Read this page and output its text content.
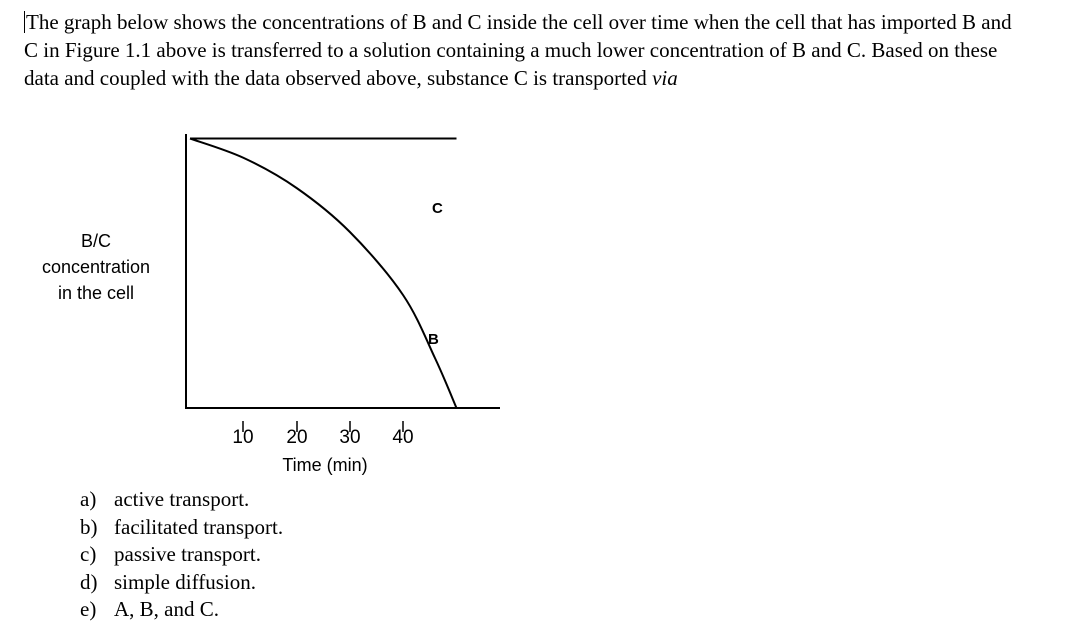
The graph below shows the concentrations of B and C inside the cell over time when the cell that has imported B and C in Figure 1.1 above is transferred to a solution containing a much lower concentration of B and C. Based on these data and coupled with the data observed above, substance C is transported via

B/C
concentration
in the cell
10 20 30 40
Time (min)
C
B
a) active transport.
b) facilitated transport.
c) passive transport.
d) simple diffusion.
e) A, B, and C.
